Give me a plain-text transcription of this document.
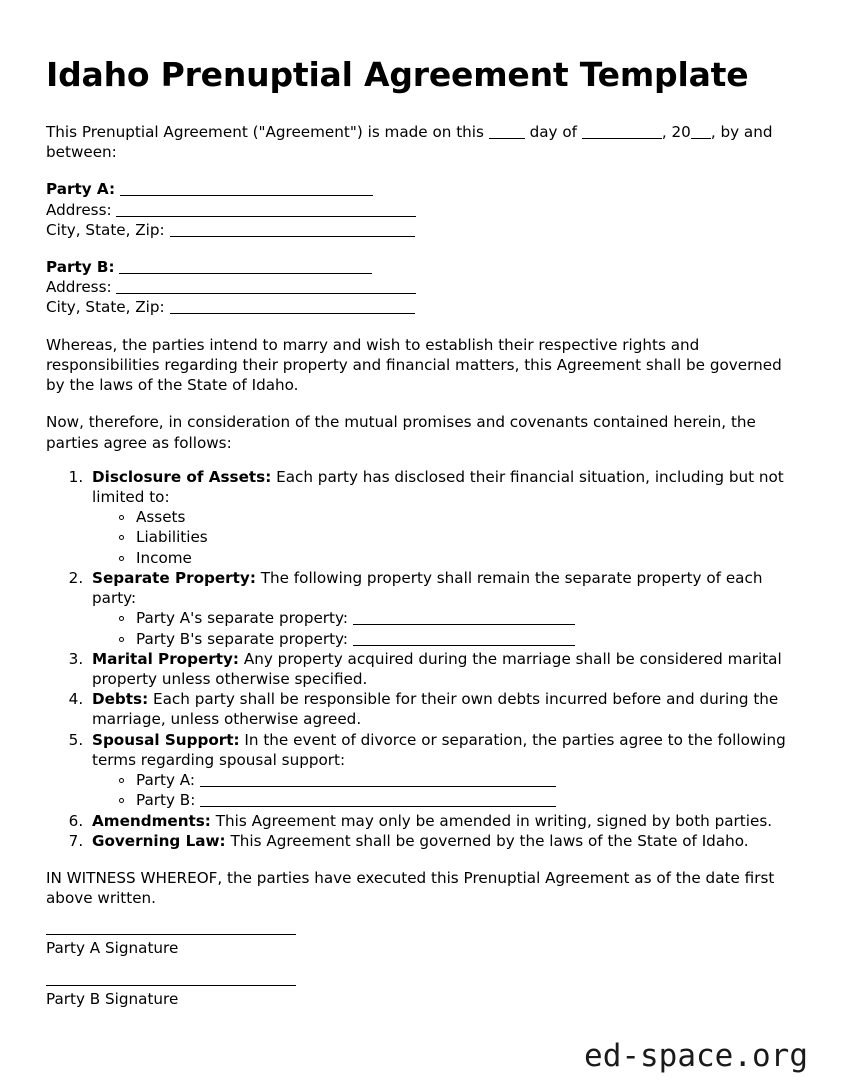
Idaho Prenuptial Agreement Template

This Prenuptial Agreement ("Agreement") is made on this	day of	, 20 , by and between:

Party A:
Address:
City, State, Zip:
Party B:
Address:
City, State, Zip:

Whereas, the parties intend to marry and wish to establish their respective rights and responsibilities regarding their property and financial matters, this Agreement shall be governed by the laws of the State of Idaho.

Now, therefore, in consideration of the mutual promises and covenants contained herein, the parties agree as follows:

1. Disclosure of Assets: Each party has disclosed their financial situation, including but not limited to:
Assets
Liabilities
Income
2. Separate Property: The following property shall remain the separate property of each party:
Party A's separate property:
Party B's separate property:
3. Marital Property: Any property acquired during the marriage shall be considered marital property unless otherwise specified.
4. Debts: Each party shall be responsible for their own debts incurred before and during the marriage, unless otherwise agreed.
5. Spousal Support: In the event of divorce or separation, the parties agree to the following terms regarding spousal support:
Party A:
Party B:
6. Amendments: This Agreement may only be amended in writing, signed by both parties.
7. Governing Law: This Agreement shall be governed by the laws of the State of Idaho.

IN WITNESS WHEREOF, the parties have executed this Prenuptial Agreement as of the date first above written.

Party A Signature
Party B Signature
ed-space.org
